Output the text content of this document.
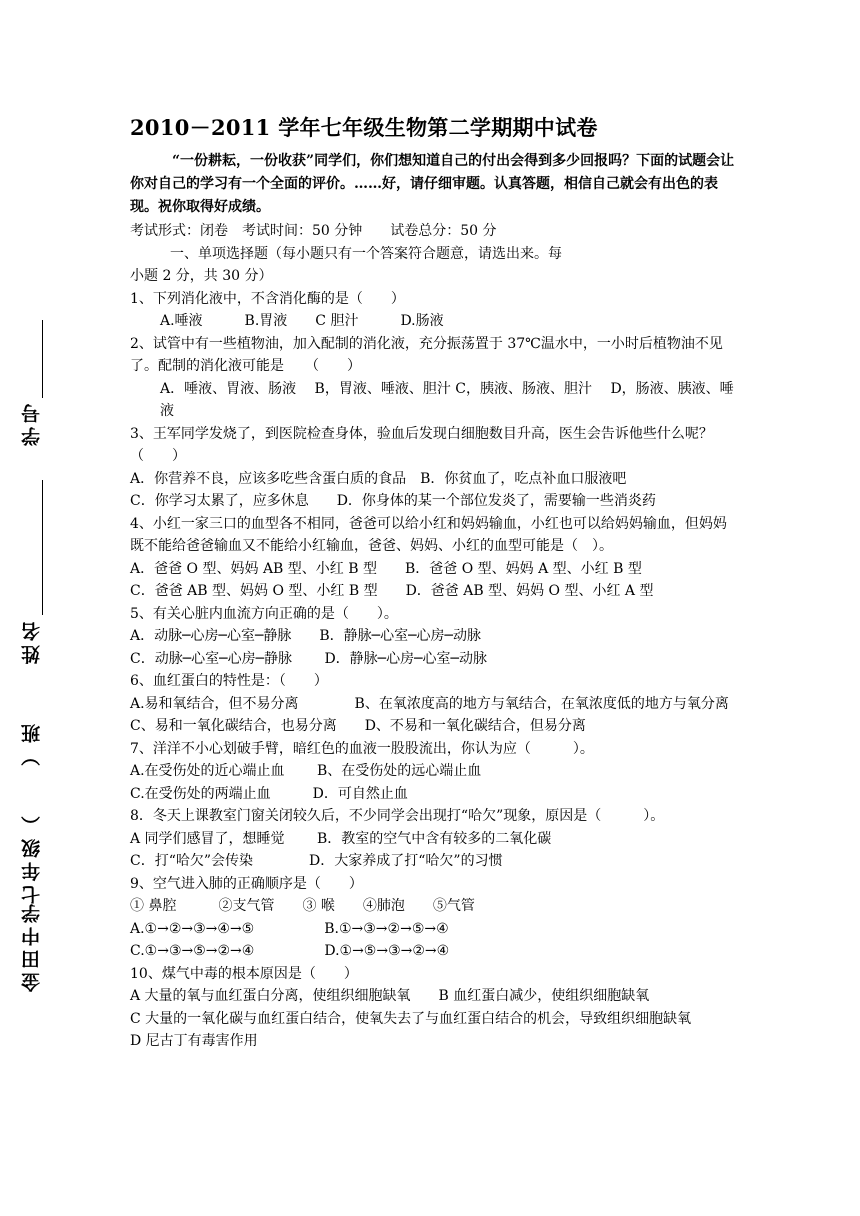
学号
姓名
七年级（　　）班
金田中学
2010－2011 学年七年级生物第二学期期中试卷
“一份耕耘，一份收获”同学们，你们想知道自己的付出会得到多少回报吗？下面的试题会让你对自己的学习有一个全面的评价。……好，请仔细审题。认真答题，相信自己就会有出色的表现。祝你取得好成绩。
考试形式：闭卷　考试时间：50 分钟　　试卷总分：50 分
一、单项选择题（每小题只有一个答案符合题意，请选出来。每
小题 2 分，共 30 分）
1、下列消化液中，不含消化酶的是（　　）
A.唾液　　　B.胃液　　C 胆汁　　　D.肠液
2、试管中有一些植物油，加入配制的消化液，充分振荡置于 37℃温水中，一小时后植物油不见了。配制的消化液可能是　　（　　）
A．唾液、胃液、肠液　 B，胃液、唾液、胆汁 C，胰液、肠液、胆汁　 D，肠液、胰液、唾液
3、王军同学发烧了，到医院检查身体，验血后发现白细胞数目升高，医生会告诉他些什么呢？（　　）
A．你营养不良，应该多吃些含蛋白质的食品　B．你贫血了，吃点补血口服液吧
C．你学习太累了，应多休息　　D．你身体的某一个部位发炎了，需要输一些消炎药
4、小红一家三口的血型各不相同，爸爸可以给小红和妈妈输血，小红也可以给妈妈输血，但妈妈既不能给爸爸输血又不能给小红输血，爸爸、妈妈、小红的血型可能是（　）。
A．爸爸 O 型、妈妈 AB 型、小红 B 型　　B．爸爸 O 型、妈妈 A 型、小红 B 型
C．爸爸 AB 型、妈妈 O 型、小红 B 型　　D．爸爸 AB 型、妈妈 O 型、小红 A 型
5、有关心脏内血流方向正确的是（　　）。
A．动脉─心房─心室─静脉　　B．静脉─心室─心房─动脉
C．动脉─心室─心房─静脉　　 D．静脉─心房─心室─动脉
6、血红蛋白的特性是：（　　）
A.易和氧结合，但不易分离　　　　B、在氧浓度高的地方与氧结合，在氧浓度低的地方与氧分离
C、易和一氧化碳结合，也易分离　　D、不易和一氧化碳结合，但易分离
7、洋洋不小心划破手臂，暗红色的血液一股股流出，你认为应（　　　）。
A.在受伤处的近心端止血　　 B、在受伤处的远心端止血
C.在受伤处的两端止血　　　D．可自然止血
8．冬天上课教室门窗关闭较久后，不少同学会出现打“哈欠”现象，原因是（　　　）。
A 同学们感冒了，想睡觉　　 B．教室的空气中含有较多的二氧化碳
C．打“哈欠”会传染　　　　D．大家养成了打“哈欠”的习惯
9、空气进入肺的正确顺序是（　　）
① 鼻腔　　　②支气管　　③ 喉　　④肺泡　　⑤气管
A.①→②→③→④→⑤　　　　　B.①→③→②→⑤→④
C.①→③→⑤→②→④　　　　　D.①→⑤→③→②→④
10、煤气中毒的根本原因是（　　）
A 大量的氧与血红蛋白分离，使组织细胞缺氧　　B 血红蛋白减少，使组织细胞缺氧
C 大量的一氧化碳与血红蛋白结合，使氧失去了与血红蛋白结合的机会，导致组织细胞缺氧
D 尼古丁有毒害作用
